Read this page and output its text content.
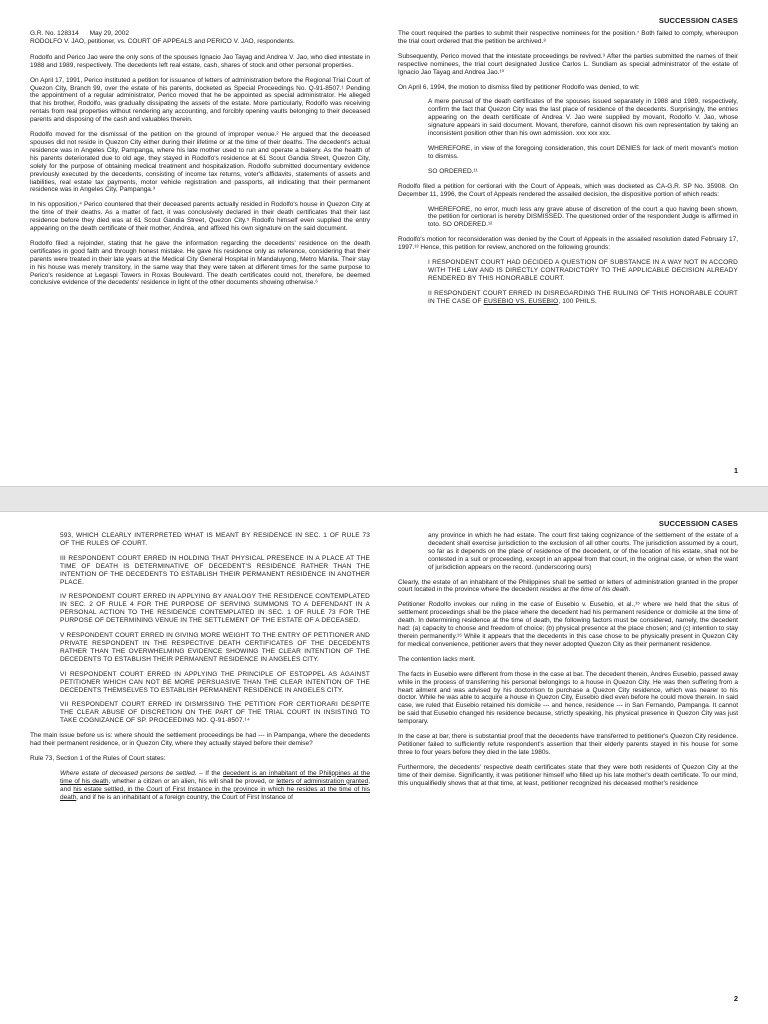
SUCCESSION CASES
G.R. No. 128314 May 29, 2002
RODOLFO V. JAO, petitioner, vs. COURT OF APPEALS and PERICO V. JAO, respondents.

Rodolfo and Perico Jao were the only sons of the spouses Ignacio Jao Tayag and Andrea V. Jao, who died intestate in 1988 and 1989, respectively. The decedents left real estate, cash, shares of stock and other personal properties.

On April 17, 1991, Perico instituted a petition for issuance of letters of administration before the Regional Trial Court of Quezon City, Branch 99, over the estate of his parents, docketed as Special Proceedings No. Q-91-8507.¹ Pending the appointment of a regular administrator, Perico moved that he be appointed as special administrator. He alleged that his brother, Rodolfo, was gradually dissipating the assets of the estate. More particularly, Rodolfo was receiving rentals from real properties without rendering any accounting, and forcibly opening vaults belonging to their deceased parents and disposing of the cash and valuables therein.

Rodolfo moved for the dismissal of the petition on the ground of improper venue.² He argued that the deceased spouses did not reside in Quezon City either during their lifetime or at the time of their deaths. The decedent's actual residence was in Angeles City, Pampanga, where his late mother used to run and operate a bakery. As the health of his parents deteriorated due to old age, they stayed in Rodolfo's residence at 61 Scout Gandia Street, Quezon City, solely for the purpose of obtaining medical treatment and hospitalization. Rodolfo submitted documentary evidence previously executed by the decedents, consisting of income tax returns, voter's affidavits, statements of assets and liabilities, real estate tax payments, motor vehicle registration and passports, all indicating that their permanent residence was in Angeles City, Pampanga.³

In his opposition,⁴ Perico countered that their deceased parents actually resided in Rodolfo's house in Quezon City at the time of their deaths. As a matter of fact, it was conclusively declared in their death certificates that their last residence before they died was at 61 Scout Gandia Street, Quezon City.⁵ Rodolfo himself even supplied the entry appearing on the death certificate of their mother, Andrea, and affixed his own signature on the said document.

Rodolfo filed a rejoinder, stating that he gave the information regarding the decedents' residence on the death certificates in good faith and through honest mistake. He gave his residence only as reference, considering that their parents were treated in their late years at the Medical City General Hospital in Mandaluyong, Metro Manila. Their stay in his house was merely transitory, in the same way that they were taken at different times for the same purpose to Perico's residence at Legaspi Towers in Roxas Boulevard. The death certificates could not, therefore, be deemed conclusive evidence of the decedents' residence in light of the other documents showing otherwise.⁶

The court required the parties to submit their respective nominees for the position.⁷ Both failed to comply, whereupon the trial court ordered that the petition be archived.⁸

Subsequently, Perico moved that the intestate proceedings be revived.⁹ After the parties submitted the names of their respective nominees, the trial court designated Justice Carlos L. Sundiam as special administrator of the estate of Ignacio Jao Tayag and Andrea Jao.¹⁰

On April 6, 1994, the motion to dismiss filed by petitioner Rodolfo was denied, to wit:

A mere perusal of the death certificates of the spouses issued separately in 1988 and 1989, respectively, confirm the fact that Quezon City was the last place of residence of the decedents. Surprisingly, the entries appearing on the death certificate of Andrea V. Jao were supplied by movant, Rodolfo V. Jao, whose signature appears in said document. Movant, therefore, cannot disown his own representation by taking an inconsistent position other than his own admission. xxx xxx xxx.

WHEREFORE, in view of the foregoing consideration, this court DENIES for lack of merit movant's motion to dismiss.

SO ORDERED.¹¹

Rodolfo filed a petition for certiorari with the Court of Appeals, which was docketed as CA-G.R. SP No. 35908. On December 11, 1996, the Court of Appeals rendered the assailed decision, the dispositive portion of which reads:

WHEREFORE, no error, much less any grave abuse of discretion of the court a quo having been shown, the petition for certiorari is hereby DISMISSED. The questioned order of the respondent Judge is affirmed in toto. SO ORDERED.¹²

Rodolfo's motion for reconsideration was denied by the Court of Appeals in the assailed resolution dated February 17, 1997.¹³ Hence, this petition for review, anchored on the following grounds:

I RESPONDENT COURT HAD DECIDED A QUESTION OF SUBSTANCE IN A WAY NOT IN ACCORD WITH THE LAW AND IS DIRECTLY CONTRADICTORY TO THE APPLICABLE DECISION ALREADY RENDERED BY THIS HONORABLE COURT.

II RESPONDENT COURT ERRED IN DISREGARDING THE RULING OF THIS HONORABLE COURT IN THE CASE OF EUSEBIO VS. EUSEBIO, 100 PHILS.

1
SUCCESSION CASES

593, WHICH CLEARLY INTERPRETED WHAT IS MEANT BY RESIDENCE IN SEC. 1 OF RULE 73 OF THE RULES OF COURT.

III RESPONDENT COURT ERRED IN HOLDING THAT PHYSICAL PRESENCE IN A PLACE AT THE TIME OF DEATH IS DETERMINATIVE OF DECEDENT'S RESIDENCE RATHER THAN THE INTENTION OF THE DECEDENTS TO ESTABLISH THEIR PERMANENT RESIDENCE IN ANOTHER PLACE.

IV RESPONDENT COURT ERRED IN APPLYING BY ANALOGY THE RESIDENCE CONTEMPLATED IN SEC. 2 OF RULE 4 FOR THE PURPOSE OF SERVING SUMMONS TO A DEFENDANT IN A PERSONAL ACTION TO THE RESIDENCE CONTEMPLATED IN SEC. 1 OF RULE 73 FOR THE PURPOSE OF DETERMINING VENUE IN THE SETTLEMENT OF THE ESTATE OF A DECEASED.

V RESPONDENT COURT ERRED IN GIVING MORE WEIGHT TO THE ENTRY OF PETITIONER AND PRIVATE RESPONDENT IN THE RESPECTIVE DEATH CERTIFICATES OF THE DECEDENTS RATHER THAN THE OVERWHELMING EVIDENCE SHOWING THE CLEAR INTENTION OF THE DECEDENTS TO ESTABLISH THEIR PERMANENT RESIDENCE IN ANGELES CITY.

VI RESPONDENT COURT ERRED IN APPLYING THE PRINCIPLE OF ESTOPPEL AS AGAINST PETITIONER WHICH CAN NOT BE MORE PERSUASIVE THAN THE CLEAR INTENTION OF THE DECEDENTS THEMSELVES TO ESTABLISH PERMANENT RESIDENCE IN ANGELES CITY.

VII RESPONDENT COURT ERRED IN DISMISSING THE PETITION FOR CERTIORARI DESPITE THE CLEAR ABUSE OF DISCRETION ON THE PART OF THE TRIAL COURT IN INSISTING TO TAKE COGNIZANCE OF SP. PROCEEDING NO. Q-91-8507.¹⁴

The main issue before us is: where should the settlement proceedings be had --- in Pampanga, where the decedents had their permanent residence, or in Quezon City, where they actually stayed before their demise?

Rule 73, Section 1 of the Rules of Court states:

Where estate of deceased persons be settled. – If the decedent is an inhabitant of the Philippines at the time of his death, whether a citizen or an alien, his will shall be proved, or letters of administration granted, and his estate settled, in the Court of First Instance in the province in which he resides at the time of his death, and if he is an inhabitant of a foreign country, the Court of First Instance of

any province in which he had estate. The court first taking cognizance of the settlement of the estate of a decedent shall exercise jurisdiction to the exclusion of all other courts. The jurisdiction assumed by a court, so far as it depends on the place of residence of the decedent, or of the location of his estate, shall not be contested in a suit or proceeding, except in an appeal from that court, in the original case, or when the want of jurisdiction appears on the record. (underscoring ours)

Clearly, the estate of an inhabitant of the Philippines shall be settled or letters of administration granted in the proper court located in the province where the decedent resides at the time of his death.

Petitioner Rodolfo invokes our ruling in the case of Eusebio v. Eusebio, et al.,¹⁵ where we held that the situs of settlement proceedings shall be the place where the decedent had his permanent residence or domicile at the time of death. In determining residence at the time of death, the following factors must be considered, namely, the decedent had: (a) capacity to choose and freedom of choice; (b) physical presence at the place chosen; and (c) intention to stay therein permanently.¹⁶ While it appears that the decedents in this case chose to be physically present in Quezon City for medical convenience, petitioner avers that they never adopted Quezon City as their permanent residence.

The contention lacks merit.

The facts in Eusebio were different from those in the case at bar. The decedent therein, Andres Eusebio, passed away while in the process of transferring his personal belongings to a house in Quezon City. He was then suffering from a heart ailment and was advised by his doctor/son to purchase a Quezon City residence, which was nearer to his doctor. While he was able to acquire a house in Quezon City, Eusebio died even before he could move therein. In said case, we ruled that Eusebio retained his domicile --- and hence, residence --- in San Fernando, Pampanga. It cannot be said that Eusebio changed his residence because, strictly speaking, his physical presence in Quezon City was just temporary.

In the case at bar, there is substantial proof that the decedents have transferred to petitioner's Quezon City residence. Petitioner failed to sufficiently refute respondent's assertion that their elderly parents stayed in his house for some three to four years before they died in the late 1980s.

Furthermore, the decedents' respective death certificates state that they were both residents of Quezon City at the time of their demise. Significantly, it was petitioner himself who filled up his late mother's death certificate. To our mind, this unqualifiedly shows that at that time, at least, petitioner recognized his deceased mother's residence

2
